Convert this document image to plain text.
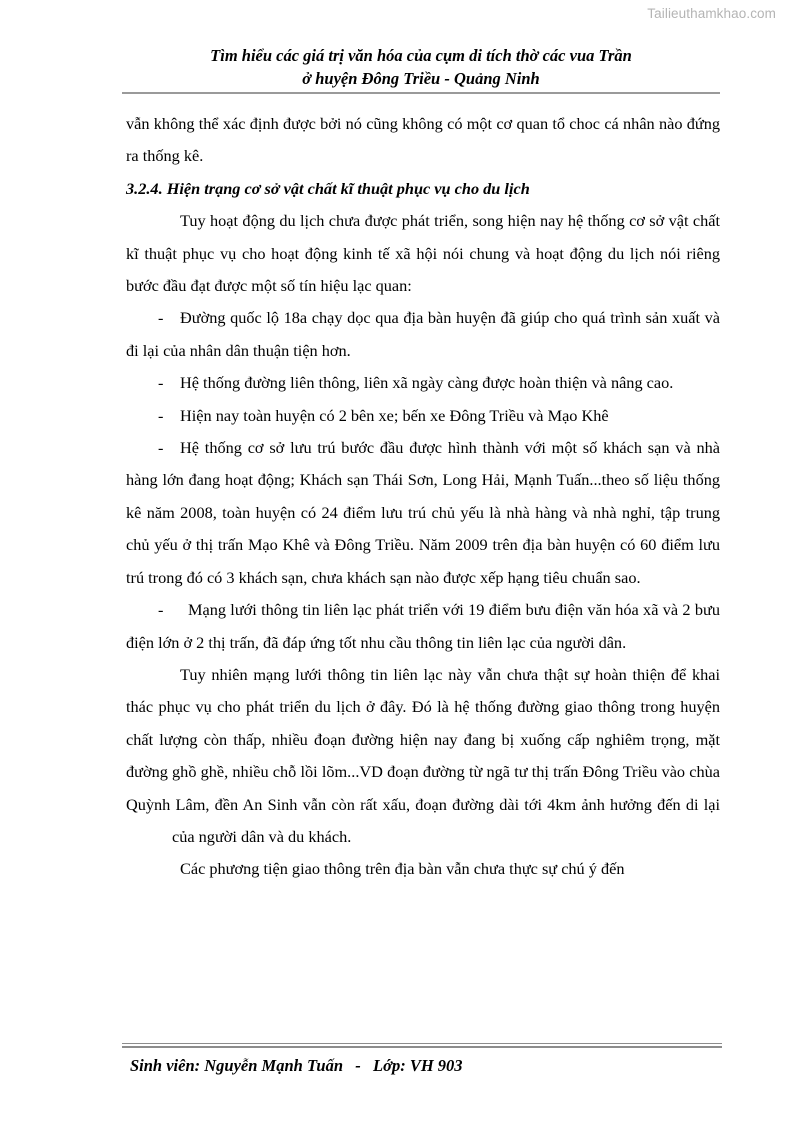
Tailieuthamkhao.com
Tìm hiểu các giá trị văn hóa của cụm di tích thờ các vua Trần
ở huyện Đông Triều - Quảng Ninh

vẫn không thể xác định được bởi nó cũng không có một cơ quan tổ choc cá nhân nào đứng ra thống kê.

3.2.4. Hiện trạng cơ sở vật chất kĩ thuật phục vụ cho du lịch

Tuy hoạt động du lịch chưa được phát triển, song hiện nay hệ thống cơ sở vật chất kĩ thuật phục vụ cho hoạt động kinh tế xã hội nói chung và hoạt động du lịch nói riêng bước đầu đạt được một số tín hiệu lạc quan:

- Đường quốc lộ 18a chạy dọc qua địa bàn huyện đã giúp cho quá trình sản xuất và đi lại của nhân dân thuận tiện hơn.

- Hệ thống đường liên thông, liên xã ngày càng được hoàn thiện và nâng cao.

- Hiện nay toàn huyện có 2 bên xe; bến xe Đông Triều và Mạo Khê

- Hệ thống cơ sở lưu trú bước đầu được hình thành với một số khách sạn và nhà hàng lớn đang hoạt động; Khách sạn Thái Sơn, Long Hải, Mạnh Tuấn...theo số liệu thống kê năm 2008, toàn huyện có 24 điểm lưu trú chủ yếu là nhà hàng và nhà nghỉ, tập trung chủ yếu ở thị trấn Mạo Khê và Đông Triều. Năm 2009 trên địa bàn huyện có 60 điểm lưu trú trong đó có 3 khách sạn, chưa khách sạn nào được xếp hạng tiêu chuẩn sao.

- Mạng lưới thông tin liên lạc phát triển với 19 điểm bưu điện văn hóa xã và 2 bưu điện lớn ở 2 thị trấn, đã đáp ứng tốt nhu cầu thông tin liên lạc của người dân.

Tuy nhiên mạng lưới thông tin liên lạc này vẫn chưa thật sự hoàn thiện để khai thác phục vụ cho phát triển du lịch ở đây. Đó là hệ thống đường giao thông trong huyện chất lượng còn thấp, nhiều đoạn đường hiện nay đang bị xuống cấp nghiêm trọng, mặt đường ghồ ghề, nhiều chỗ lồi lõm...VD đoạn đường từ ngã tư thị trấn Đông Triều vào chùa Quỳnh Lâm, đền An Sinh vẫn còn rất xấu, đoạn đường dài tới 4km ảnh hưởng đến di lạicủa người dân và du khách.

Các phương tiện giao thông trên địa bàn vẫn chưa thực sự chú ý đến

Sinh viên: Nguyễn Mạnh Tuấn - Lớp: VH 903
